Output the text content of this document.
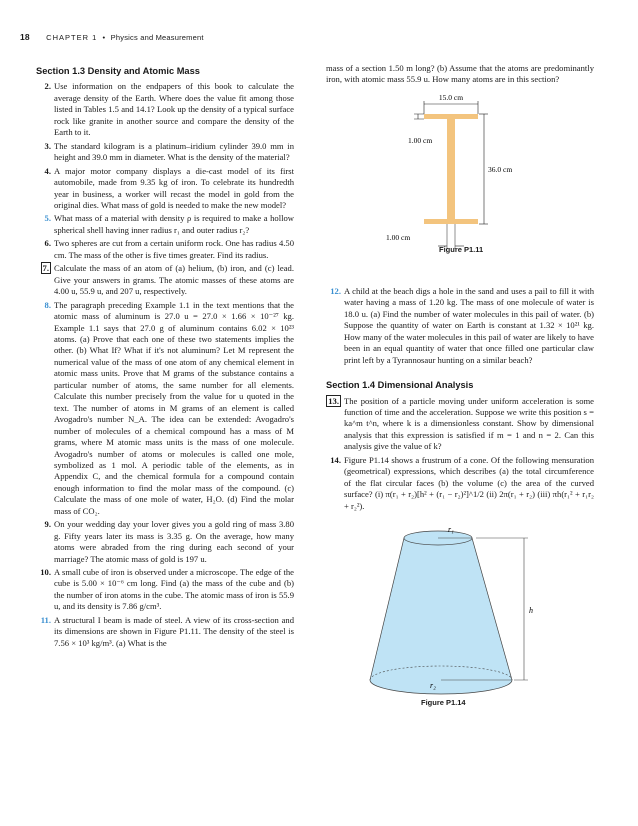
18 CHAPTER 1 • Physics and Measurement
Section 1.3 Density and Atomic Mass

2. Use information on the endpapers of this book to calculate the average density of the Earth. Where does the value fit among those listed in Tables 1.5 and 14.1? Look up the density of a typical surface rock like granite in another source and compare the density of the Earth to it.

3. The standard kilogram is a platinum–iridium cylinder 39.0 mm in height and 39.0 mm in diameter. What is the density of the material?

4. A major motor company displays a die-cast model of its first automobile, made from 9.35 kg of iron. To celebrate its hundredth year in business, a worker will recast the model in gold from the original dies. What mass of gold is needed to make the new model?

5. What mass of a material with density ρ is required to make a hollow spherical shell having inner radius r₁ and outer radius r₂?

6. Two spheres are cut from a certain uniform rock. One has radius 4.50 cm. The mass of the other is five times greater. Find its radius.

7. Calculate the mass of an atom of (a) helium, (b) iron, and (c) lead. Give your answers in grams. The atomic masses of these atoms are 4.00 u, 55.9 u, and 207 u, respectively.

8. The paragraph preceding Example 1.1 in the text mentions that the atomic mass of aluminum is 27.0 u = 27.0 × 1.66 × 10⁻²⁷ kg. Example 1.1 says that 27.0 g of aluminum contains 6.02 × 10²³ atoms. (a) Prove that each one of these two statements implies the other. (b) What If? What if it's not aluminum? Let M represent the numerical value of the mass of one atom of any chemical element in atomic mass units. Prove that M grams of the substance contains a particular number of atoms, the same number for all elements. Calculate this number precisely from the value for u quoted in the text. The number of atoms in M grams of an element is called Avogadro's number N_A. The idea can be extended: Avogadro's number of molecules of a chemical compound has a mass of M grams, where M atomic mass units is the mass of one molecule. Avogadro's number of atoms or molecules is called one mole, symbolized as 1 mol. A periodic table of the elements, as in Appendix C, and the chemical formula for a compound contain enough information to find the molar mass of the compound. (c) Calculate the mass of one mole of water, H₂O. (d) Find the molar mass of CO₂.

9. On your wedding day your lover gives you a gold ring of mass 3.80 g. Fifty years later its mass is 3.35 g. On the average, how many atoms were abraded from the ring during each second of your marriage? The atomic mass of gold is 197 u.

10. A small cube of iron is observed under a microscope. The edge of the cube is 5.00 × 10⁻⁶ cm long. Find (a) the mass of the cube and (b) the number of iron atoms in the cube. The atomic mass of iron is 55.9 u, and its density is 7.86 g/cm³.

11. A structural I beam is made of steel. A view of its cross-section and its dimensions are shown in Figure P1.11. The density of the steel is 7.56 × 10³ kg/m³. (a) What is the

mass of a section 1.50 m long? (b) Assume that the atoms are predominantly iron, with atomic mass 55.9 u. How many atoms are in this section?

15.0 cm
36.0 cm
1.00 cm
1.00 cm
Figure P1.11

12. A child at the beach digs a hole in the sand and uses a pail to fill it with water having a mass of 1.20 kg. The mass of one molecule of water is 18.0 u. (a) Find the number of water molecules in this pail of water. (b) Suppose the quantity of water on Earth is constant at 1.32 × 10²¹ kg. How many of the water molecules in this pail of water are likely to have been in an equal quantity of water that once filled one particular claw print left by a Tyrannosaur hunting on a similar beach?

Section 1.4 Dimensional Analysis

13. The position of a particle moving under uniform acceleration is some function of time and the acceleration. Suppose we write this position s = ka^m t^n, where k is a dimensionless constant. Show by dimensional analysis that this expression is satisfied if m = 1 and n = 2. Can this analysis give the value of k?

14. Figure P1.14 shows a frustrum of a cone. Of the following mensuration (geometrical) expressions, which describes (a) the total circumference of the flat circular faces (b) the volume (c) the area of the curved surface? (i) π(r₁ + r₂)[h² + (r₁ − r₂)²]^1/2 (ii) 2π(r₁ + r₂) (iii) πh(r₁² + r₁r₂ + r₂²).

r₁
r₂
h
Figure P1.14
